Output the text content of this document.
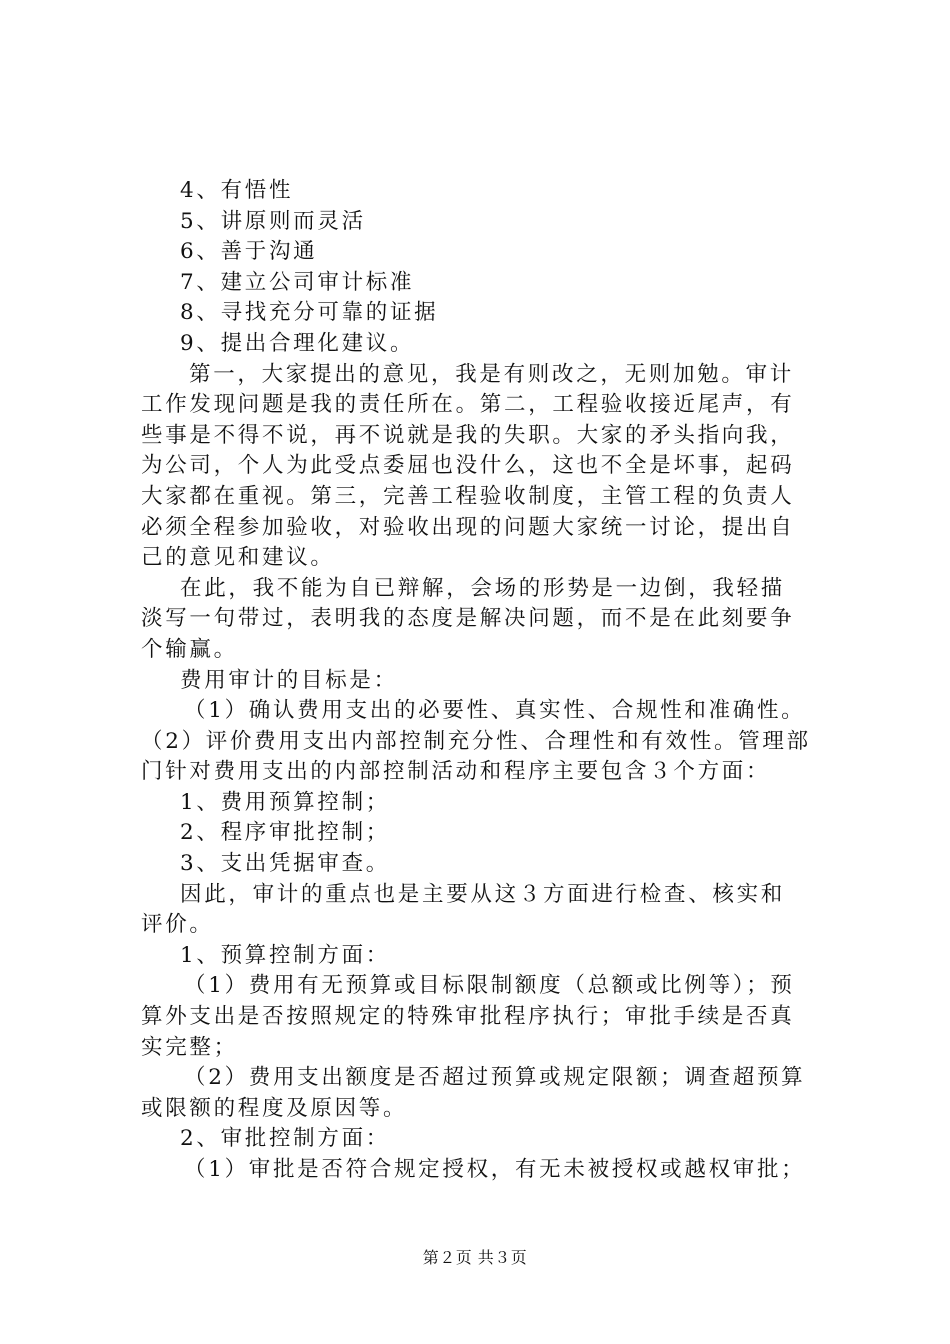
4、有悟性
5、讲原则而灵活
6、善于沟通
7、建立公司审计标准
8、寻找充分可靠的证据
9、提出合理化建议。
第一，大家提出的意见，我是有则改之，无则加勉。审计
工作发现问题是我的责任所在。第二，工程验收接近尾声，有
些事是不得不说，再不说就是我的失职。大家的矛头指向我，
为公司，个人为此受点委屈也没什么，这也不全是坏事，起码
大家都在重视。第三，完善工程验收制度，主管工程的负责人
必须全程参加验收，对验收出现的问题大家统一讨论，提出自
己的意见和建议。
在此，我不能为自已辩解，会场的形势是一边倒，我轻描
淡写一句带过，表明我的态度是解决问题，而不是在此刻要争
个输赢。
费用审计的目标是：
（1）确认费用支出的必要性、真实性、合规性和准确性。
（2）评价费用支出内部控制充分性、合理性和有效性。管理部
门针对费用支出的内部控制活动和程序主要包含３个方面：
1、费用预算控制；
2、程序审批控制；
3、支出凭据审查。
因此，审计的重点也是主要从这３方面进行检查、核实和
评价。
1、预算控制方面：
（1）费用有无预算或目标限制额度（总额或比例等）；预
算外支出是否按照规定的特殊审批程序执行；审批手续是否真
实完整；
（2）费用支出额度是否超过预算或规定限额；调查超预算
或限额的程度及原因等。
2、审批控制方面：
（1）审批是否符合规定授权，有无未被授权或越权审批；
第２页 共３页
